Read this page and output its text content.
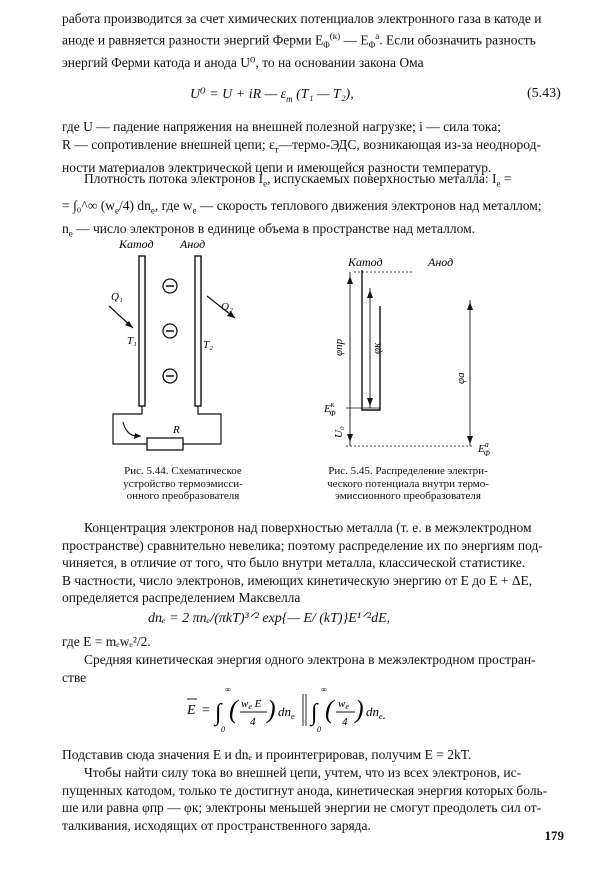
работа производится за счет химических потенциалов электронного газа в катоде и
аноде и равняется разности энергий Ферми $E_\Phi^{(к)}$ — $E_\Phi^а$. Если обозначить разность
энергий Ферми катода и анода U⁰, то на основании закона Ома
U⁰ = U + iR — $\varepsilon_т$ (T₁ — T₂),	(5.43)
где U — падение напряжения на внешней полезной нагрузке; i — сила тока;
R — сопротивление внешней цепи; $\varepsilon_т—термо$-ЭДС, возникающая из-за неоднород-
ности материалов электрической цепи и имеющейся разности температур.
Плотность потока электронов $I_e$, испускаемых поверхностью металла: $I_e$ =
= ∫₀^∞ $(w_e/4)$ $dn_e$, где $w_e$ — скорость теплового движения электронов над металлом;
$n_e$ — число электронов в единице объема в пространстве над металлом.
Катод Анод
Q₁
Q₂
T₁	T₂
R
Катод	Анод
φпр φк
φа
U₀
$E^к$ Φ
$E^а$ Φ
Рис. 5.44. Схематическое
устройство термоэмисси-
онного преобразователя
Рис. 5.45. Распределение электри-
ческого потенциала внутри термо-
эмиссионного преобразователя
Концентрация электронов над поверхностью металла (т. е. в межэлектродном
пространстве) сравнительно невелика; поэтому распределение их по энергиям под-
чиняется, в отличие от того, что было внутри металла, классической статистике.
В частности, число электронов, имеющих кинетическую энергию от E до E + ΔE,
определяется распределением Максвелла
dnₑ = 2 πnₑ/(πkT)³ᐟ² exp{— E/ (kT)}E¹ᐟ²dE,
где E = mₑwₑ²/2.
Средняя кинетическая энергия одного электрона в межэлектродном простран-
стве
E = ∫
∞
0
( we E
4 ) $dn_e$ ∫
∞
0
( we
4 ) $dn_e$.
Подставив сюда значения E и dnₑ и проинтегрировав, получим E = 2kT.
Чтобы найти силу тока во внешней цепи, учтем, что из всех электронов, ис-
пущенных катодом, только те достигнут анода, кинетическая энергия которых боль-
ше или равна φпр — φк; электроны меньшей энергии не смогут преодолеть сил от-
талкивания, исходящих от пространственного заряда.
179
